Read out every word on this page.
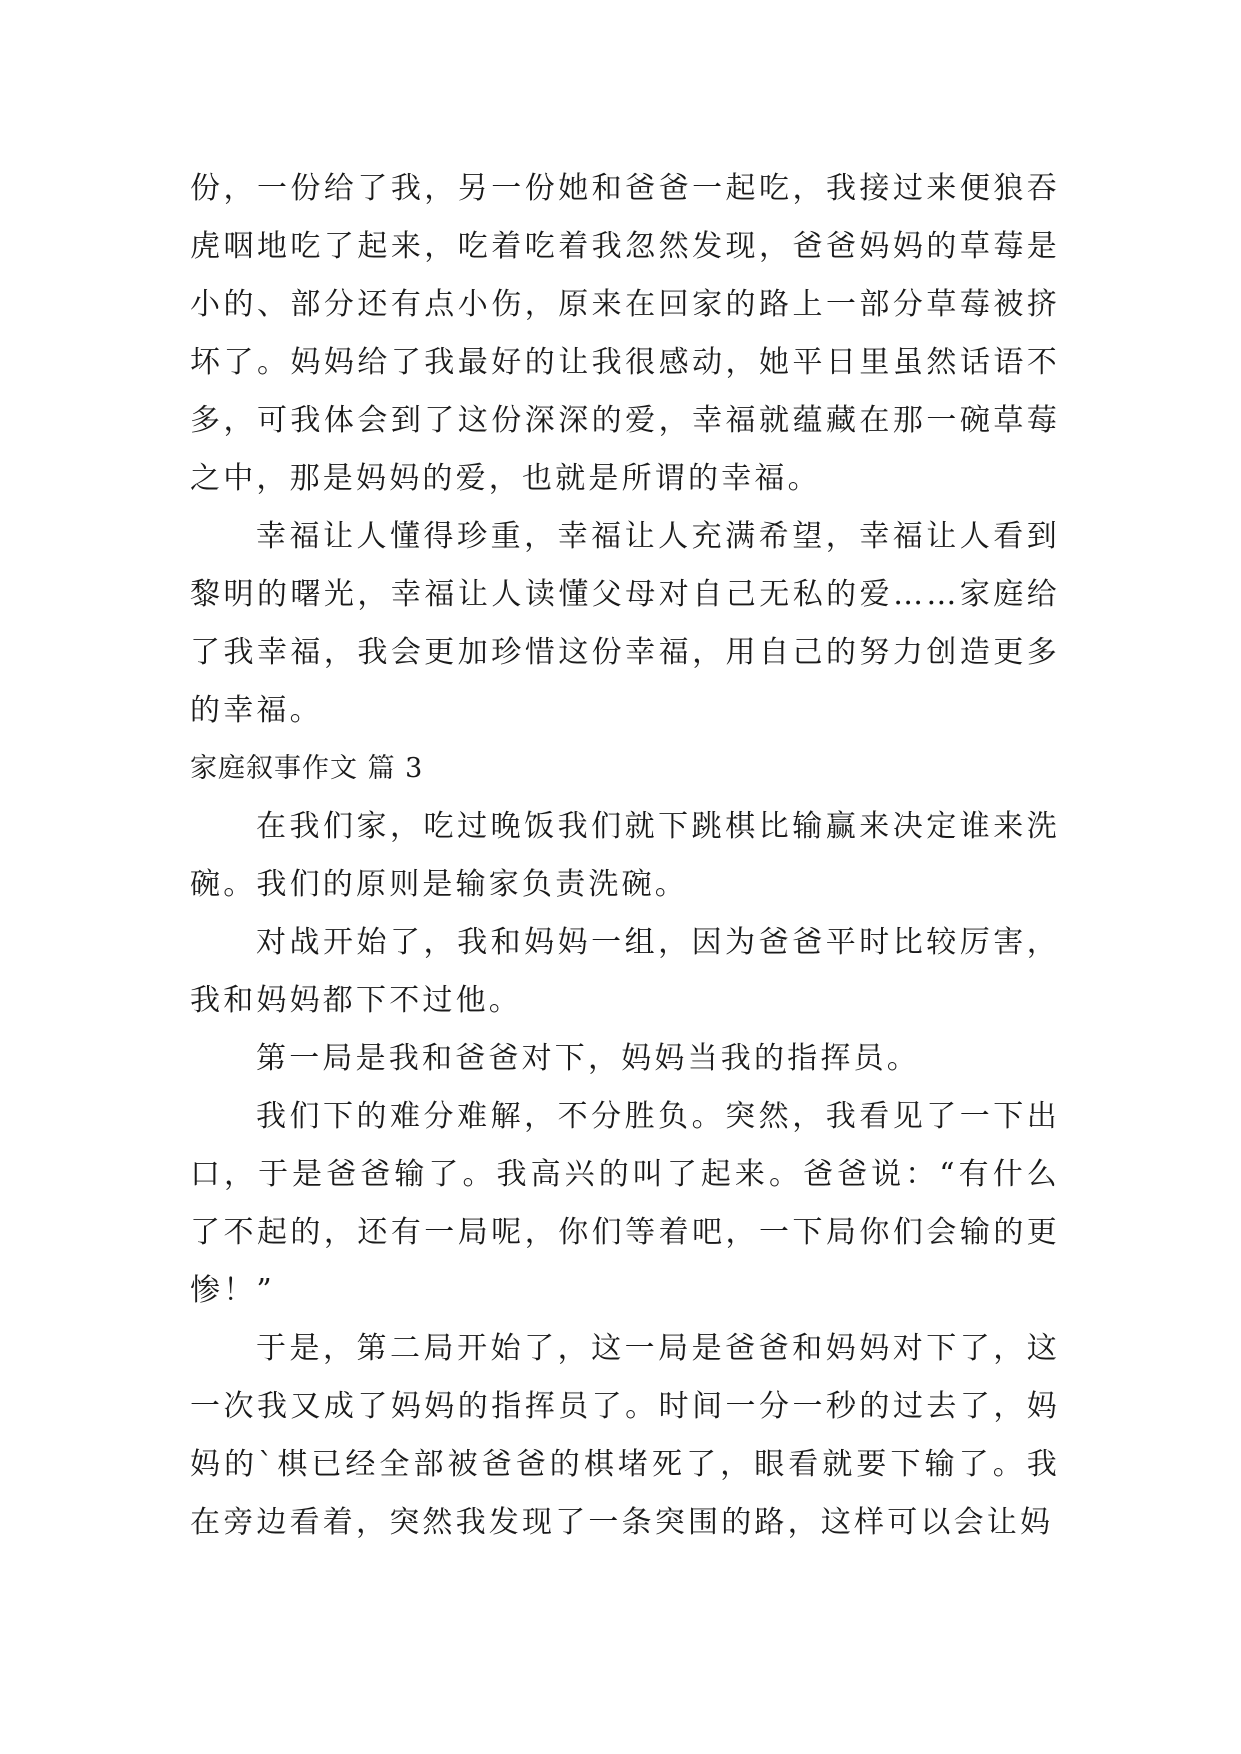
份，一份给了我，另一份她和爸爸一起吃，我接过来便狼吞虎咽地吃了起来，吃着吃着我忽然发现，爸爸妈妈的草莓是小的、部分还有点小伤，原来在回家的路上一部分草莓被挤坏了。妈妈给了我最好的让我很感动，她平日里虽然话语不多，可我体会到了这份深深的爱，幸福就蕴藏在那一碗草莓之中，那是妈妈的爱，也就是所谓的幸福。

幸福让人懂得珍重，幸福让人充满希望，幸福让人看到黎明的曙光，幸福让人读懂父母对自己无私的爱……家庭给了我幸福，我会更加珍惜这份幸福，用自己的努力创造更多的幸福。

家庭叙事作文 篇 3

在我们家，吃过晚饭我们就下跳棋比输赢来决定谁来洗碗。我们的原则是输家负责洗碗。

对战开始了，我和妈妈一组，因为爸爸平时比较厉害，我和妈妈都下不过他。

第一局是我和爸爸对下，妈妈当我的指挥员。

我们下的难分难解，不分胜负。突然，我看见了一下出口，于是爸爸输了。我高兴的叫了起来。爸爸说：“有什么了不起的，还有一局呢，你们等着吧，一下局你们会输的更惨！”

于是，第二局开始了，这一局是爸爸和妈妈对下了，这一次我又成了妈妈的指挥员了。时间一分一秒的过去了，妈妈的`棋已经全部被爸爸的棋堵死了，眼看就要下输了。我在旁边看着，突然我发现了一条突围的路，这样可以会让妈
